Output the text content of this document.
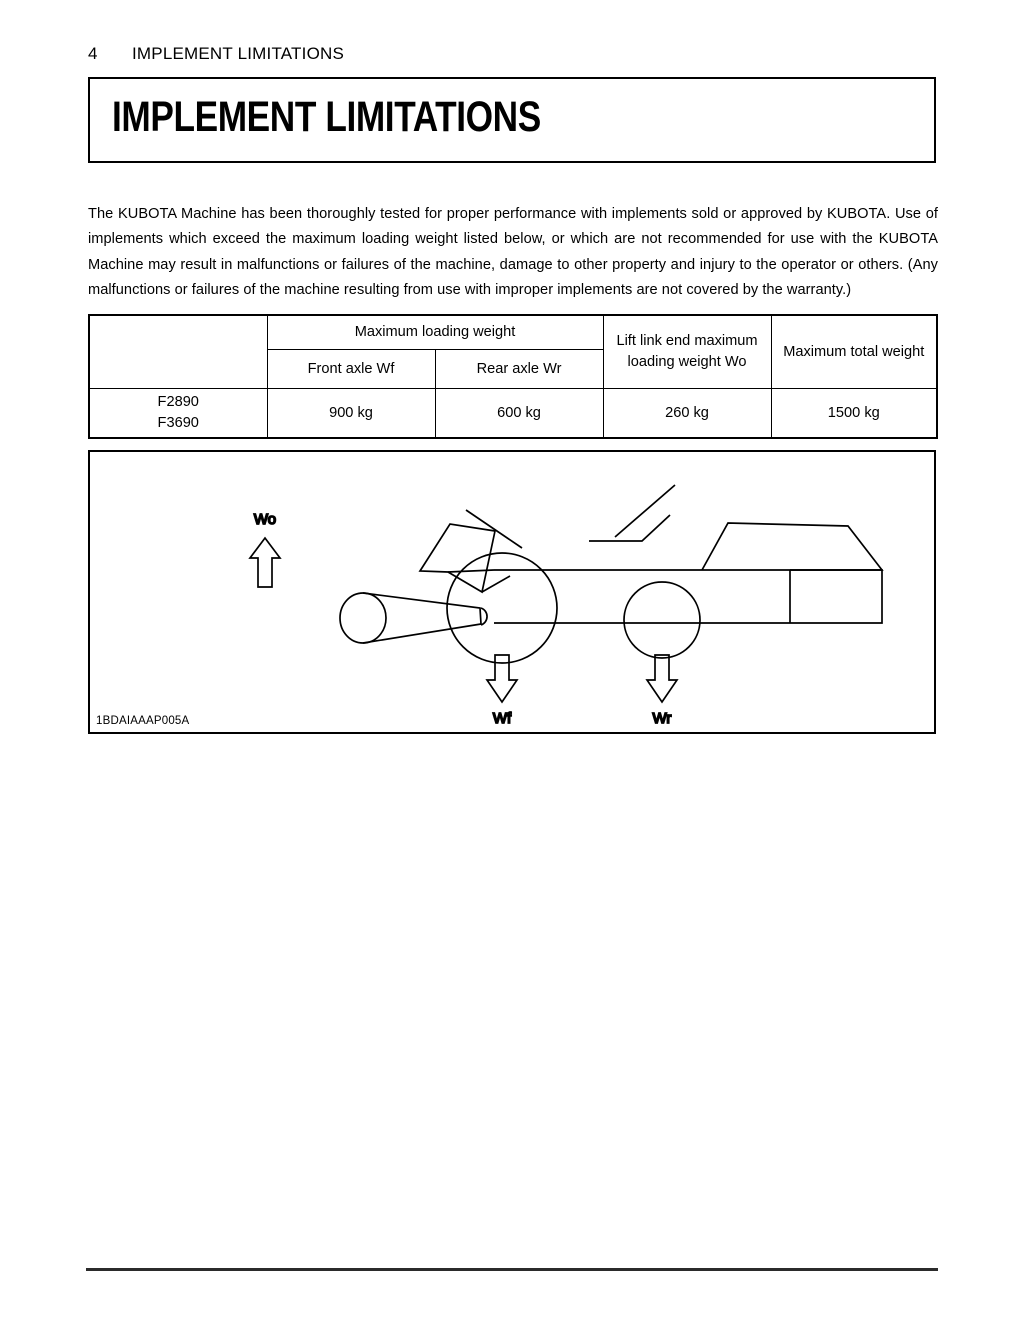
4 IMPLEMENT LIMITATIONS
IMPLEMENT LIMITATIONS

The KUBOTA Machine has been thoroughly tested for proper performance with implements sold or approved by KUBOTA. Use of implements which exceed the maximum loading weight listed below, or which are not recommended for use with the KUBOTA Machine may result in malfunctions or failures of the machine, damage to other property and injury to the operator or others. (Any malfunctions or failures of the machine resulting from use with improper implements are not covered by the warranty.)

	Maximum loading weight		Lift link end maximum loading weight Wo	Maximum total weight
	Front axle Wf	Rear axle Wr		

F2890
F3690	900 kg	600 kg	260 kg	1500 kg
Wo
Wf	Wr
1BDAIAAAP005A
